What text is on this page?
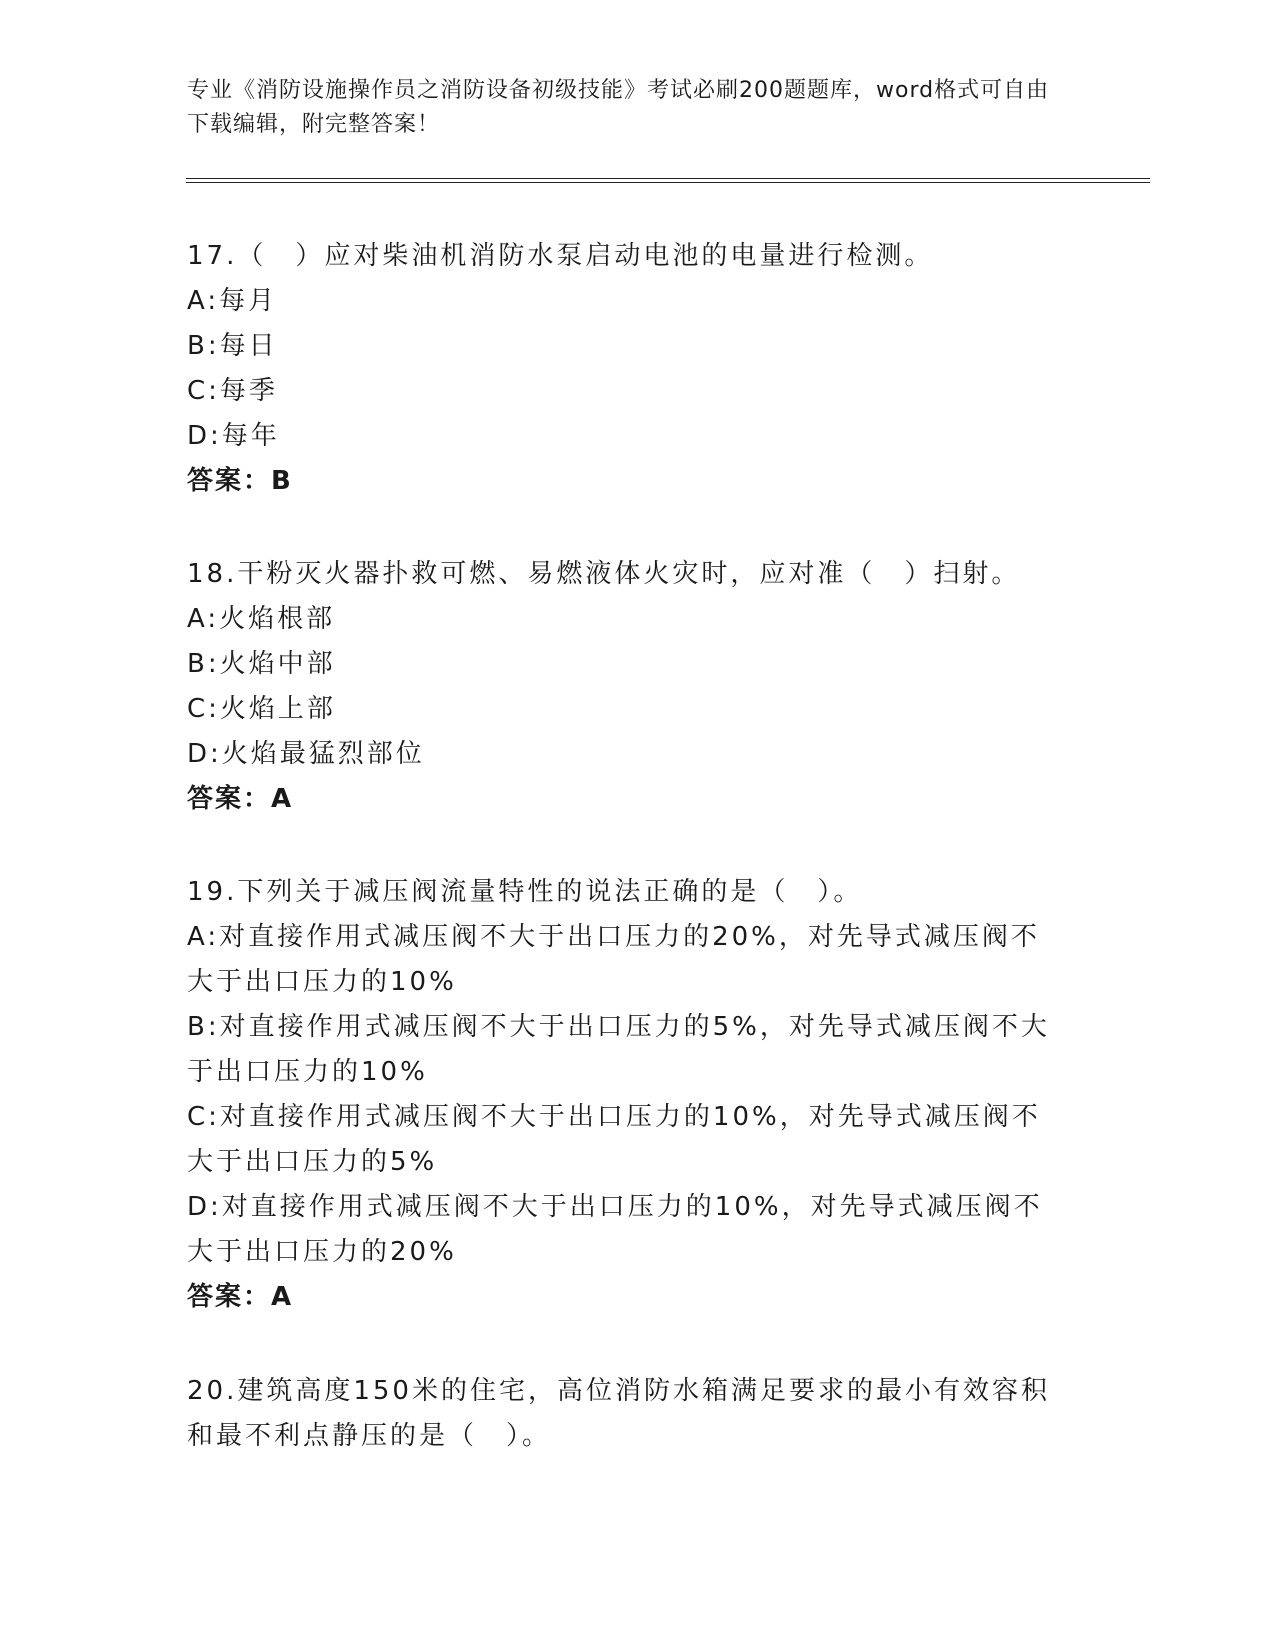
专业《消防设施操作员之消防设备初级技能》考试必刷200题题库，word格式可自由下载编辑，附完整答案！
17.（　）应对柴油机消防水泵启动电池的电量进行检测。
A:每月
B:每日
C:每季
D:每年
答案：B
18.干粉灭火器扑救可燃、易燃液体火灾时，应对准（　）扫射。
A:火焰根部
B:火焰中部
C:火焰上部
D:火焰最猛烈部位
答案：A
19.下列关于减压阀流量特性的说法正确的是（　）。
A:对直接作用式减压阀不大于出口压力的20%，对先导式减压阀不大于出口压力的10%
B:对直接作用式减压阀不大于出口压力的5%，对先导式减压阀不大于出口压力的10%
C:对直接作用式减压阀不大于出口压力的10%，对先导式减压阀不大于出口压力的5%
D:对直接作用式减压阀不大于出口压力的10%，对先导式减压阀不大于出口压力的20%
答案：A
20.建筑高度150米的住宅，高位消防水箱满足要求的最小有效容积和最不利点静压的是（　）。
